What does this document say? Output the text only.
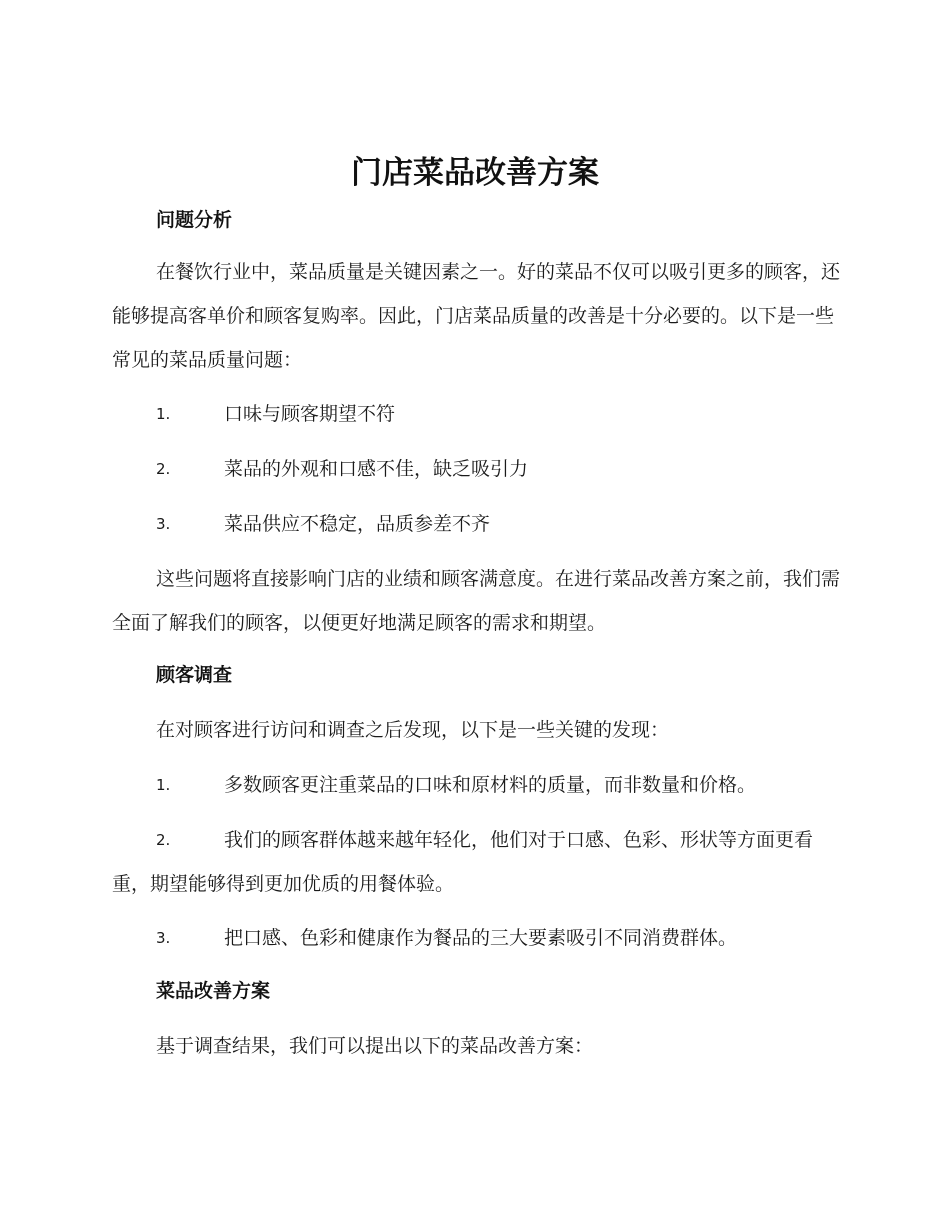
门店菜品改善方案
问题分析

在餐饮行业中，菜品质量是关键因素之一。好的菜品不仅可以吸引更多的顾客，还能够提高客单价和顾客复购率。因此，门店菜品质量的改善是十分必要的。以下是一些常见的菜品质量问题：

1.	口味与顾客期望不符
2.	菜品的外观和口感不佳，缺乏吸引力
3.	菜品供应不稳定，品质参差不齐

这些问题将直接影响门店的业绩和顾客满意度。在进行菜品改善方案之前，我们需全面了解我们的顾客，以便更好地满足顾客的需求和期望。

顾客调查

在对顾客进行访问和调查之后发现，以下是一些关键的发现：

1.	多数顾客更注重菜品的口味和原材料的质量，而非数量和价格。
2.	我们的顾客群体越来越年轻化，他们对于口感、色彩、形状等方面更看重，期望能够得到更加优质的用餐体验。
3.	把口感、色彩和健康作为餐品的三大要素吸引不同消费群体。
菜品改善方案

基于调查结果，我们可以提出以下的菜品改善方案：
